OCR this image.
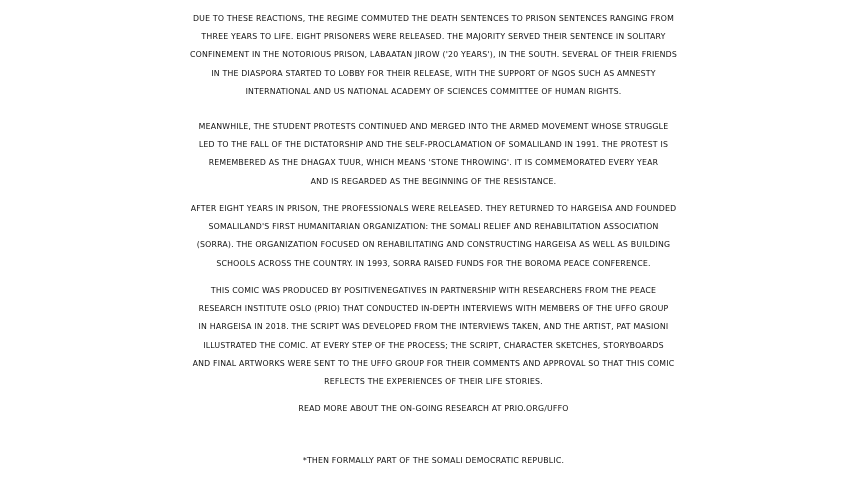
DUE TO THESE REACTIONS, THE REGIME COMMUTED THE DEATH SENTENCES TO PRISON SENTENCES RANGING FROM
THREE YEARS TO LIFE. EIGHT PRISONERS WERE RELEASED. THE MAJORITY SERVED THEIR SENTENCE IN SOLITARY
CONFINEMENT IN THE NOTORIOUS PRISON, LABAATAN JIROW ('20 YEARS'), IN THE SOUTH. SEVERAL OF THEIR FRIENDS
IN THE DIASPORA STARTED TO LOBBY FOR THEIR RELEASE, WITH THE SUPPORT OF NGOS SUCH AS AMNESTY
INTERNATIONAL AND US NATIONAL ACADEMY OF SCIENCES COMMITTEE OF HUMAN RIGHTS.
MEANWHILE, THE STUDENT PROTESTS CONTINUED AND MERGED INTO THE ARMED MOVEMENT WHOSE STRUGGLE
LED TO THE FALL OF THE DICTATORSHIP AND THE SELF-PROCLAMATION OF SOMALILAND IN 1991. THE PROTEST IS
REMEMBERED AS THE DHAGAX TUUR, WHICH MEANS 'STONE THROWING'. IT IS COMMEMORATED EVERY YEAR
AND IS REGARDED AS THE BEGINNING OF THE RESISTANCE.
AFTER EIGHT YEARS IN PRISON, THE PROFESSIONALS WERE RELEASED. THEY RETURNED TO HARGEISA AND FOUNDED
SOMALILAND'S FIRST HUMANITARIAN ORGANIZATION: THE SOMALI RELIEF AND REHABILITATION ASSOCIATION
(SORRA). THE ORGANIZATION FOCUSED ON REHABILITATING AND CONSTRUCTING HARGEISA AS WELL AS BUILDING
SCHOOLS ACROSS THE COUNTRY. IN 1993, SORRA RAISED FUNDS FOR THE BOROMA PEACE CONFERENCE.
THIS COMIC WAS PRODUCED BY POSITIVENEGATIVES IN PARTNERSHIP WITH RESEARCHERS FROM THE PEACE
RESEARCH INSTITUTE OSLO (PRIO) THAT CONDUCTED IN-DEPTH INTERVIEWS WITH MEMBERS OF THE UFFO GROUP
IN HARGEISA IN 2018. THE SCRIPT WAS DEVELOPED FROM THE INTERVIEWS TAKEN, AND THE ARTIST, PAT MASIONI
ILLUSTRATED THE COMIC. AT EVERY STEP OF THE PROCESS; THE SCRIPT, CHARACTER SKETCHES, STORYBOARDS
AND FINAL ARTWORKS WERE SENT TO THE UFFO GROUP FOR THEIR COMMENTS AND APPROVAL SO THAT THIS COMIC
REFLECTS THE EXPERIENCES OF THEIR LIFE STORIES.
READ MORE ABOUT THE ON-GOING RESEARCH AT PRIO.ORG/UFFO
*THEN FORMALLY PART OF THE SOMALI DEMOCRATIC REPUBLIC.
